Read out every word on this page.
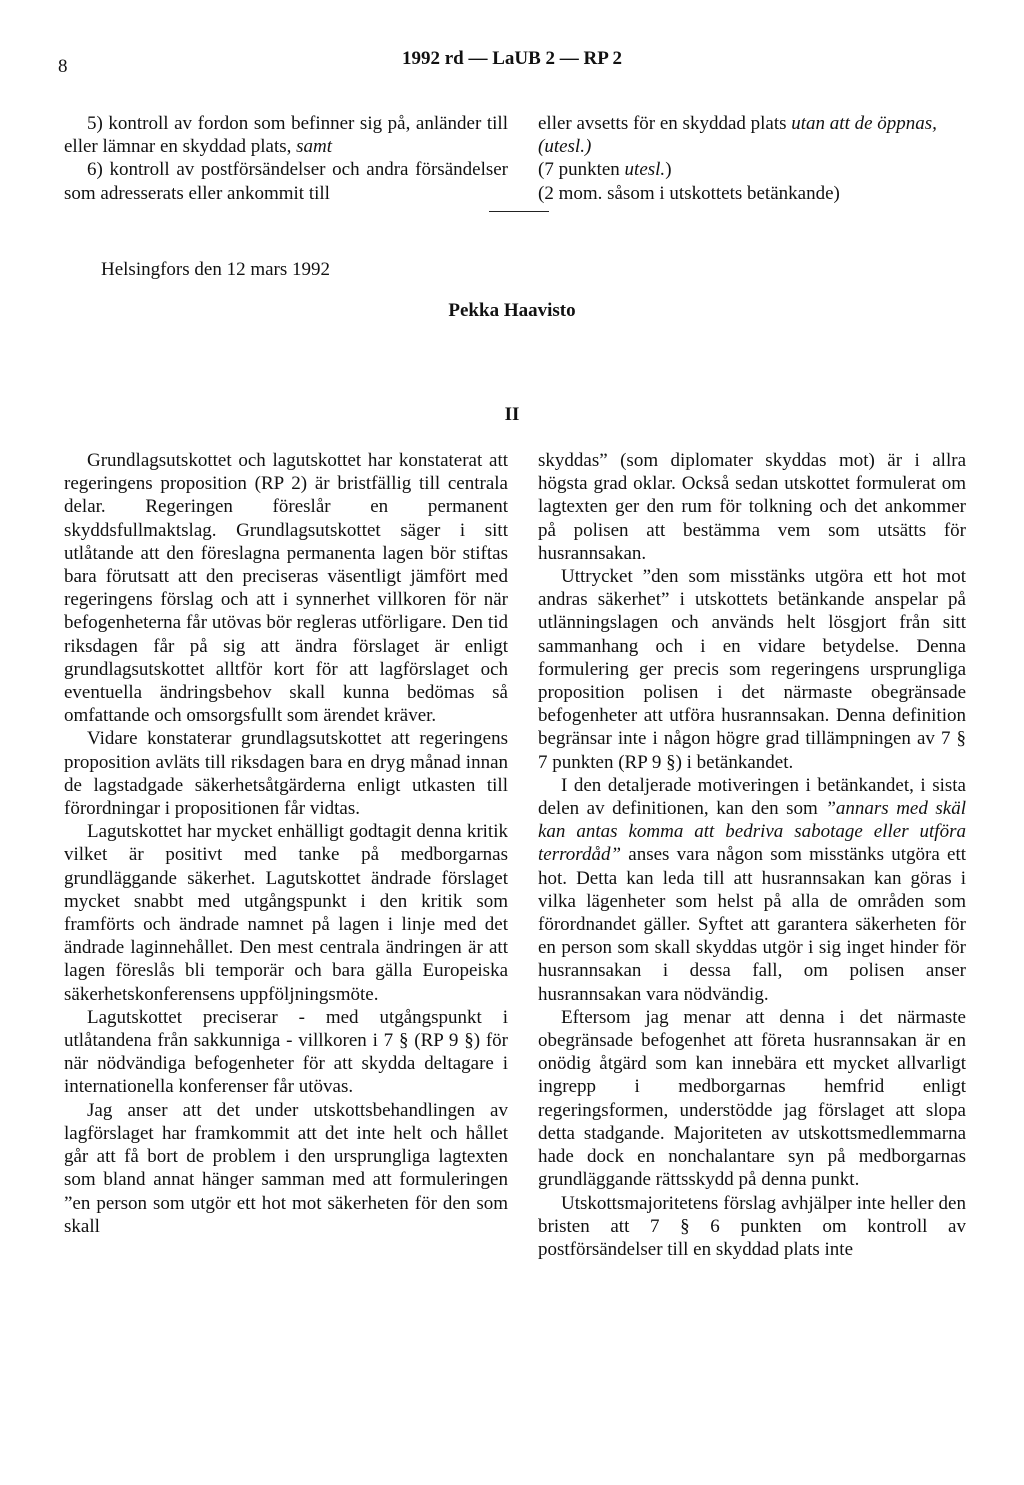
8	1992 rd — LaUB 2 — RP 2

5) kontroll av fordon som befinner sig på, anländer till eller lämnar en skyddad plats, samt

6) kontroll av postförsändelser och andra försändelser som adresserats eller ankommit till

eller avsetts för en skyddad plats utan att de öppnas, (utesl.)

(7 punkten utesl.)

(2 mom. såsom i utskottets betänkande)

Helsingfors den 12 mars 1992
Pekka Haavisto
II

Grundlagsutskottet och lagutskottet har konstaterat att regeringens proposition (RP 2) är bristfällig till centrala delar. Regeringen föreslår en permanent skyddsfullmaktslag. Grundlagsutskottet säger i sitt utlåtande att den föreslagna permanenta lagen bör stiftas bara förutsatt att den preciseras väsentligt jämfört med regeringens förslag och att i synnerhet villkoren för när befogenheterna får utövas bör regleras utförligare. Den tid riksdagen får på sig att ändra förslaget är enligt grundlagsutskottet alltför kort för att lagförslaget och eventuella ändringsbehov skall kunna bedömas så omfattande och omsorgsfullt som ärendet kräver.

Vidare konstaterar grundlagsutskottet att regeringens proposition avläts till riksdagen bara en dryg månad innan de lagstadgade säkerhetsåtgärderna enligt utkasten till förordningar i propositionen får vidtas.

Lagutskottet har mycket enhälligt godtagit denna kritik vilket är positivt med tanke på medborgarnas grundläggande säkerhet. Lagutskottet ändrade förslaget mycket snabbt med utgångspunkt i den kritik som framförts och ändrade namnet på lagen i linje med det ändrade laginnehållet. Den mest centrala ändringen är att lagen föreslås bli temporär och bara gälla Europeiska säkerhetskonferensens uppföljningsmöte.

Lagutskottet preciserar - med utgångspunkt i utlåtandena från sakkunniga - villkoren i 7 § (RP 9 §) för när nödvändiga befogenheter för att skydda deltagare i internationella konferenser får utövas.

Jag anser att det under utskottsbehandlingen av lagförslaget har framkommit att det inte helt och hållet går att få bort de problem i den ursprungliga lagtexten som bland annat hänger samman med att formuleringen ”en person som utgör ett hot mot säkerheten för den som skall

skyddas” (som diplomater skyddas mot) är i allra högsta grad oklar. Också sedan utskottet formulerat om lagtexten ger den rum för tolkning och det ankommer på polisen att bestämma vem som utsätts för husrannsakan.

Uttrycket ”den som misstänks utgöra ett hot mot andras säkerhet” i utskottets betänkande anspelar på utlänningslagen och används helt lösgjort från sitt sammanhang och i en vidare betydelse. Denna formulering ger precis som regeringens ursprungliga proposition polisen i det närmaste obegränsade befogenheter att utföra husrannsakan. Denna definition begränsar inte i någon högre grad tillämpningen av 7 § 7 punkten (RP 9 §) i betänkandet.

I den detaljerade motiveringen i betänkandet, i sista delen av definitionen, kan den som ”annars med skäl kan antas komma att bedriva sabotage eller utföra terrordåd” anses vara någon som misstänks utgöra ett hot. Detta kan leda till att husrannsakan kan göras i vilka lägenheter som helst på alla de områden som förordnandet gäller. Syftet att garantera säkerheten för en person som skall skyddas utgör i sig inget hinder för husrannsakan i dessa fall, om polisen anser husrannsakan vara nödvändig.

Eftersom jag menar att denna i det närmaste obegränsade befogenhet att företa husrannsakan är en onödig åtgärd som kan innebära ett mycket allvarligt ingrepp i medborgarnas hemfrid enligt regeringsformen, understödde jag förslaget att slopa detta stadgande. Majoriteten av utskottsmedlemmarna hade dock en nonchalantare syn på medborgarnas grundläggande rättsskydd på denna punkt.

Utskottsmajoritetens förslag avhjälper inte heller den bristen att 7 § 6 punkten om kontroll av postförsändelser till en skyddad plats inte
